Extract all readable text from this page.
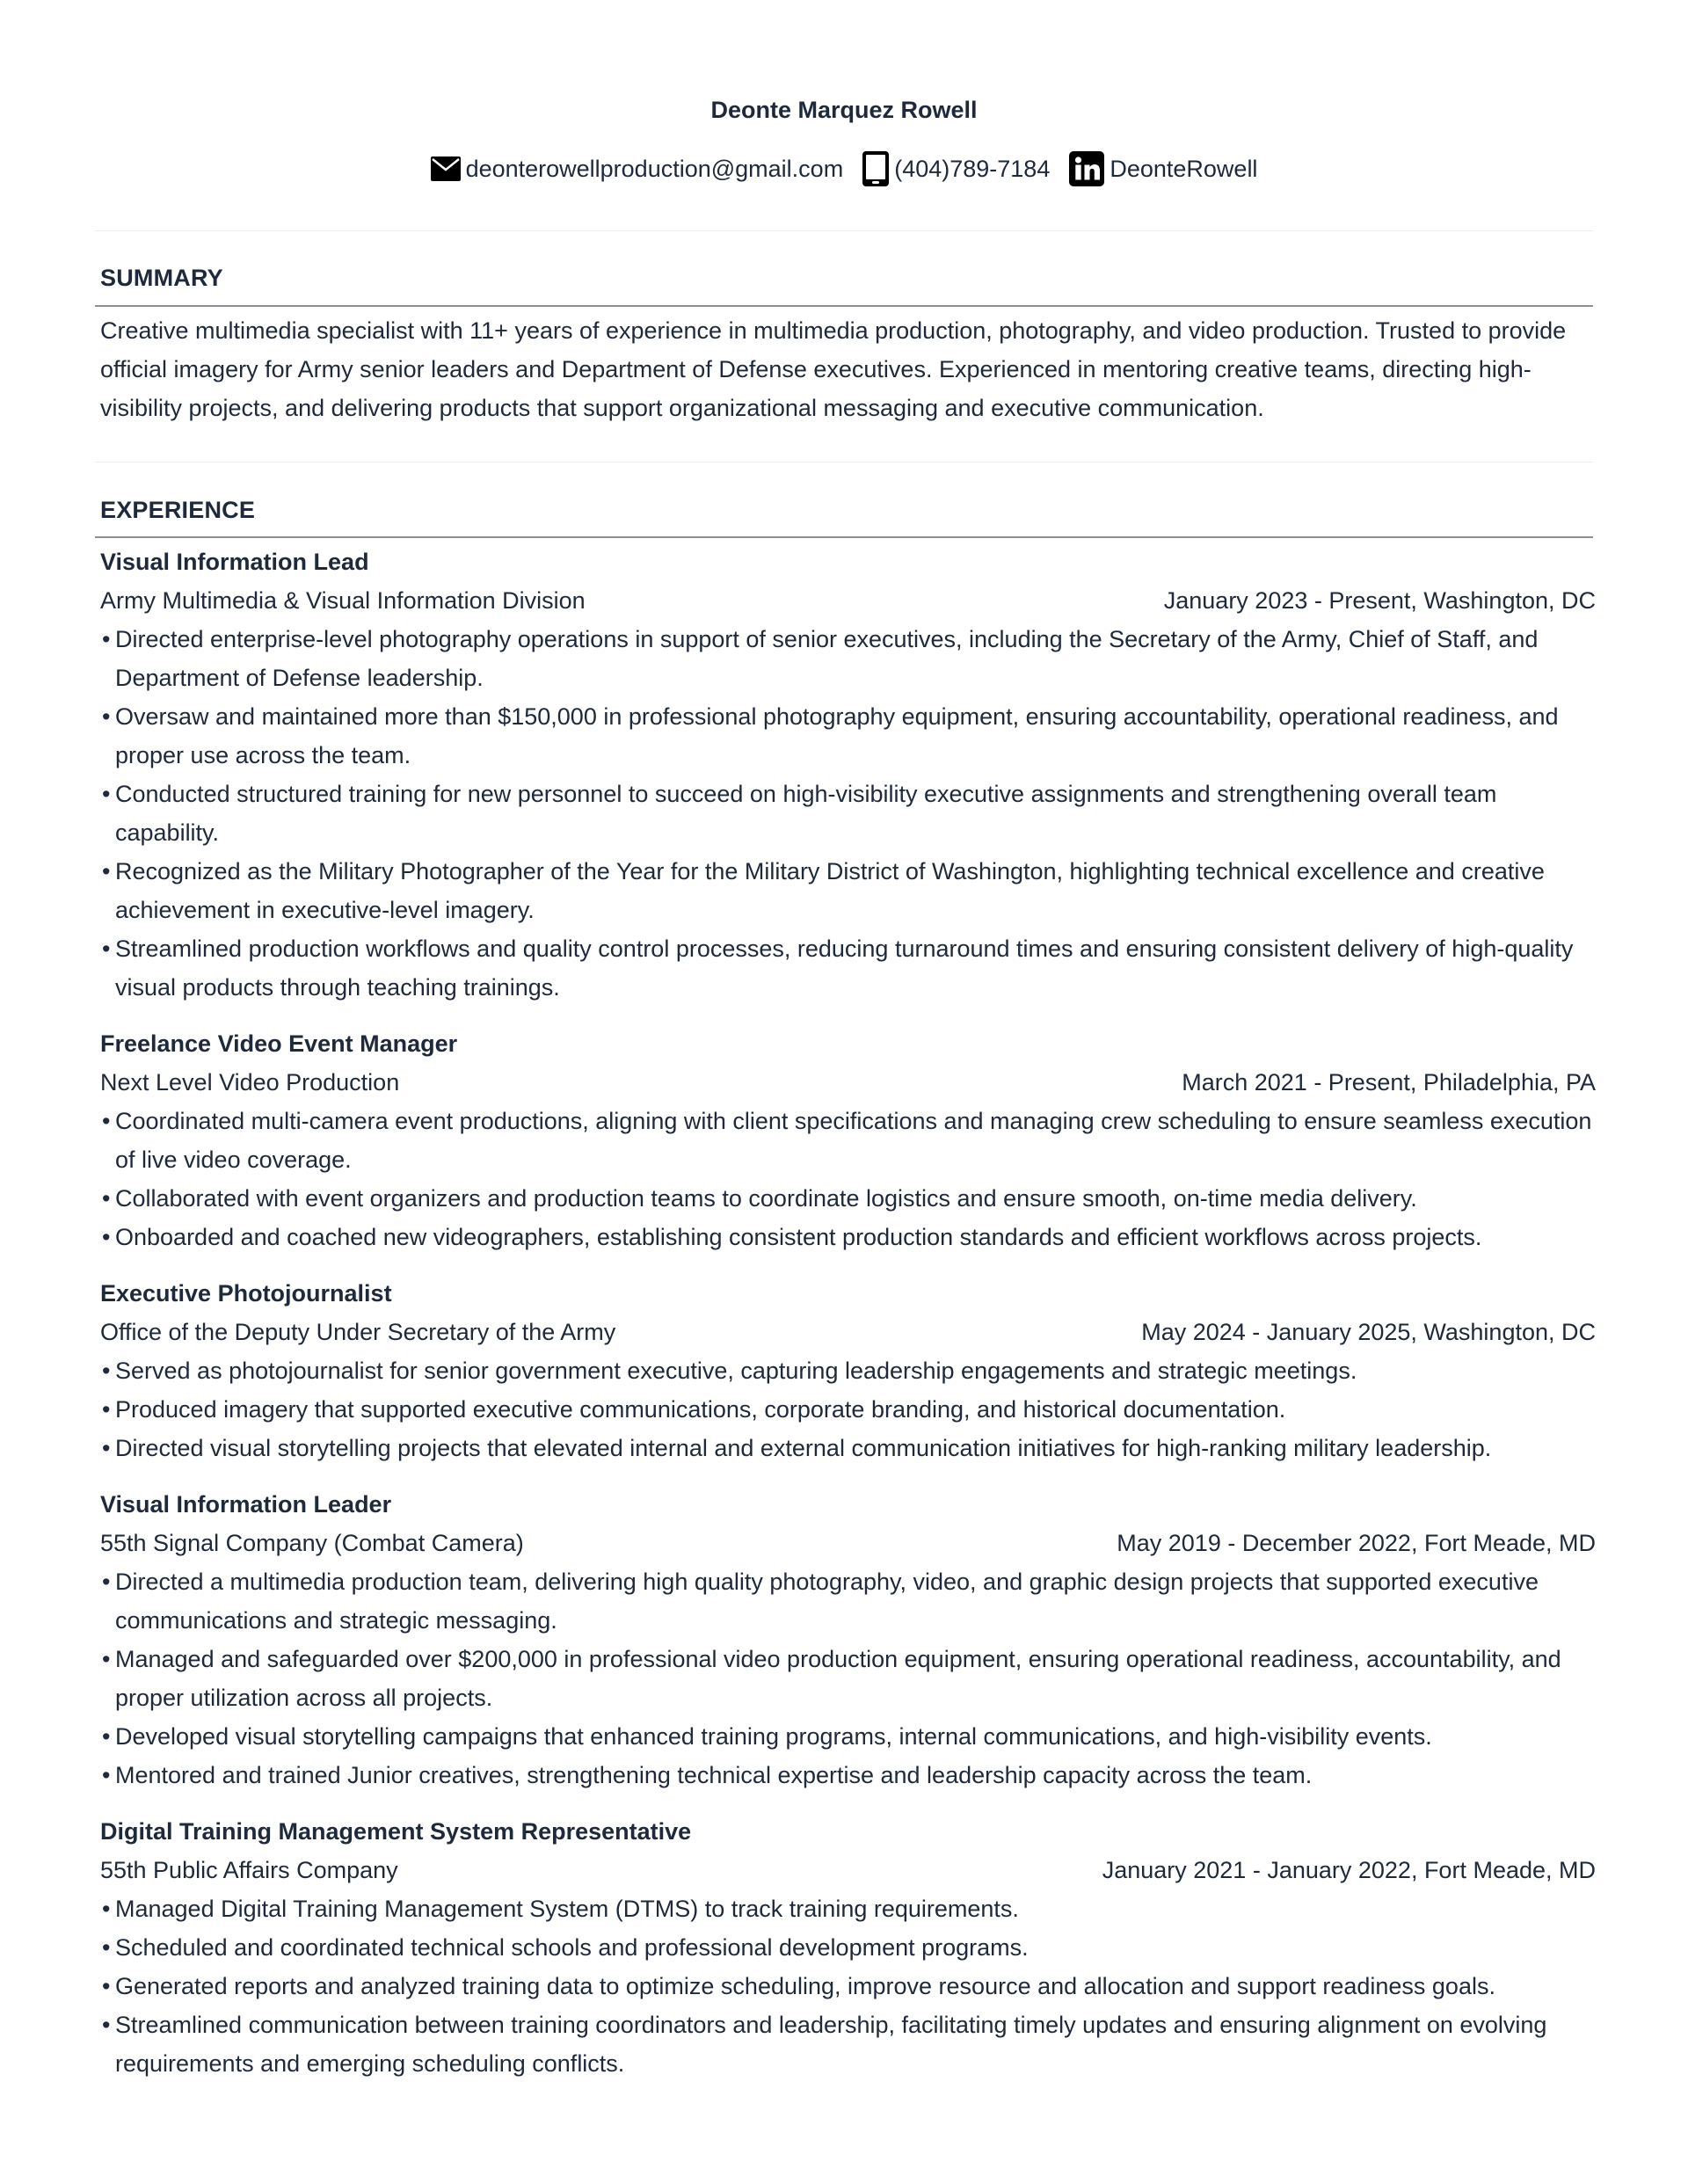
Deonte Marquez Rowell
deonterowellproduction@gmail.com (404)789-7184	DeonteRowell
SUMMARY
Creative multimedia specialist with 11+ years of experience in multimedia production, photography, and video production. Trusted to provide official imagery for Army senior leaders and Department of Defense executives. Experienced in mentoring creative teams, directing high-visibility projects, and delivering products that support organizational messaging and executive communication.
EXPERIENCE
Visual Information Lead
Army Multimedia & Visual Information Division	January 2023 - Present, Washington, DC
• Directed enterprise-level photography operations in support of senior executives, including the Secretary of the Army, Chief of Staff, and Department of Defense leadership.
• Oversaw and maintained more than $150,000 in professional photography equipment, ensuring accountability, operational readiness, and proper use across the team.
• Conducted structured training for new personnel to succeed on high-visibility executive assignments and strengthening overall team capability.
• Recognized as the Military Photographer of the Year for the Military District of Washington, highlighting technical excellence and creative achievement in executive-level imagery.
• Streamlined production workflows and quality control processes, reducing turnaround times and ensuring consistent delivery of high-quality visual products through teaching trainings.
Freelance Video Event Manager
Next Level Video Production	March 2021 - Present, Philadelphia, PA
• Coordinated multi-camera event productions, aligning with client specifications and managing crew scheduling to ensure seamless execution of live video coverage.
• Collaborated with event organizers and production teams to coordinate logistics and ensure smooth, on-time media delivery.
• Onboarded and coached new videographers, establishing consistent production standards and efficient workflows across projects.
Executive Photojournalist
Office of the Deputy Under Secretary of the Army	May 2024 - January 2025, Washington, DC
• Served as photojournalist for senior government executive, capturing leadership engagements and strategic meetings.
• Produced imagery that supported executive communications, corporate branding, and historical documentation.
• Directed visual storytelling projects that elevated internal and external communication initiatives for high-ranking military leadership.
Visual Information Leader
55th Signal Company (Combat Camera)	May 2019 - December 2022, Fort Meade, MD
• Directed a multimedia production team, delivering high quality photography, video, and graphic design projects that supported executive communications and strategic messaging.
• Managed and safeguarded over $200,000 in professional video production equipment, ensuring operational readiness, accountability, and proper utilization across all projects.
• Developed visual storytelling campaigns that enhanced training programs, internal communications, and high-visibility events.
• Mentored and trained Junior creatives, strengthening technical expertise and leadership capacity across the team.
Digital Training Management System Representative
55th Public Affairs Company	January 2021 - January 2022, Fort Meade, MD
• Managed Digital Training Management System (DTMS) to track training requirements.
• Scheduled and coordinated technical schools and professional development programs.
• Generated reports and analyzed training data to optimize scheduling, improve resource and allocation and support readiness goals.
• Streamlined communication between training coordinators and leadership, facilitating timely updates and ensuring alignment on evolving requirements and emerging scheduling conflicts.
